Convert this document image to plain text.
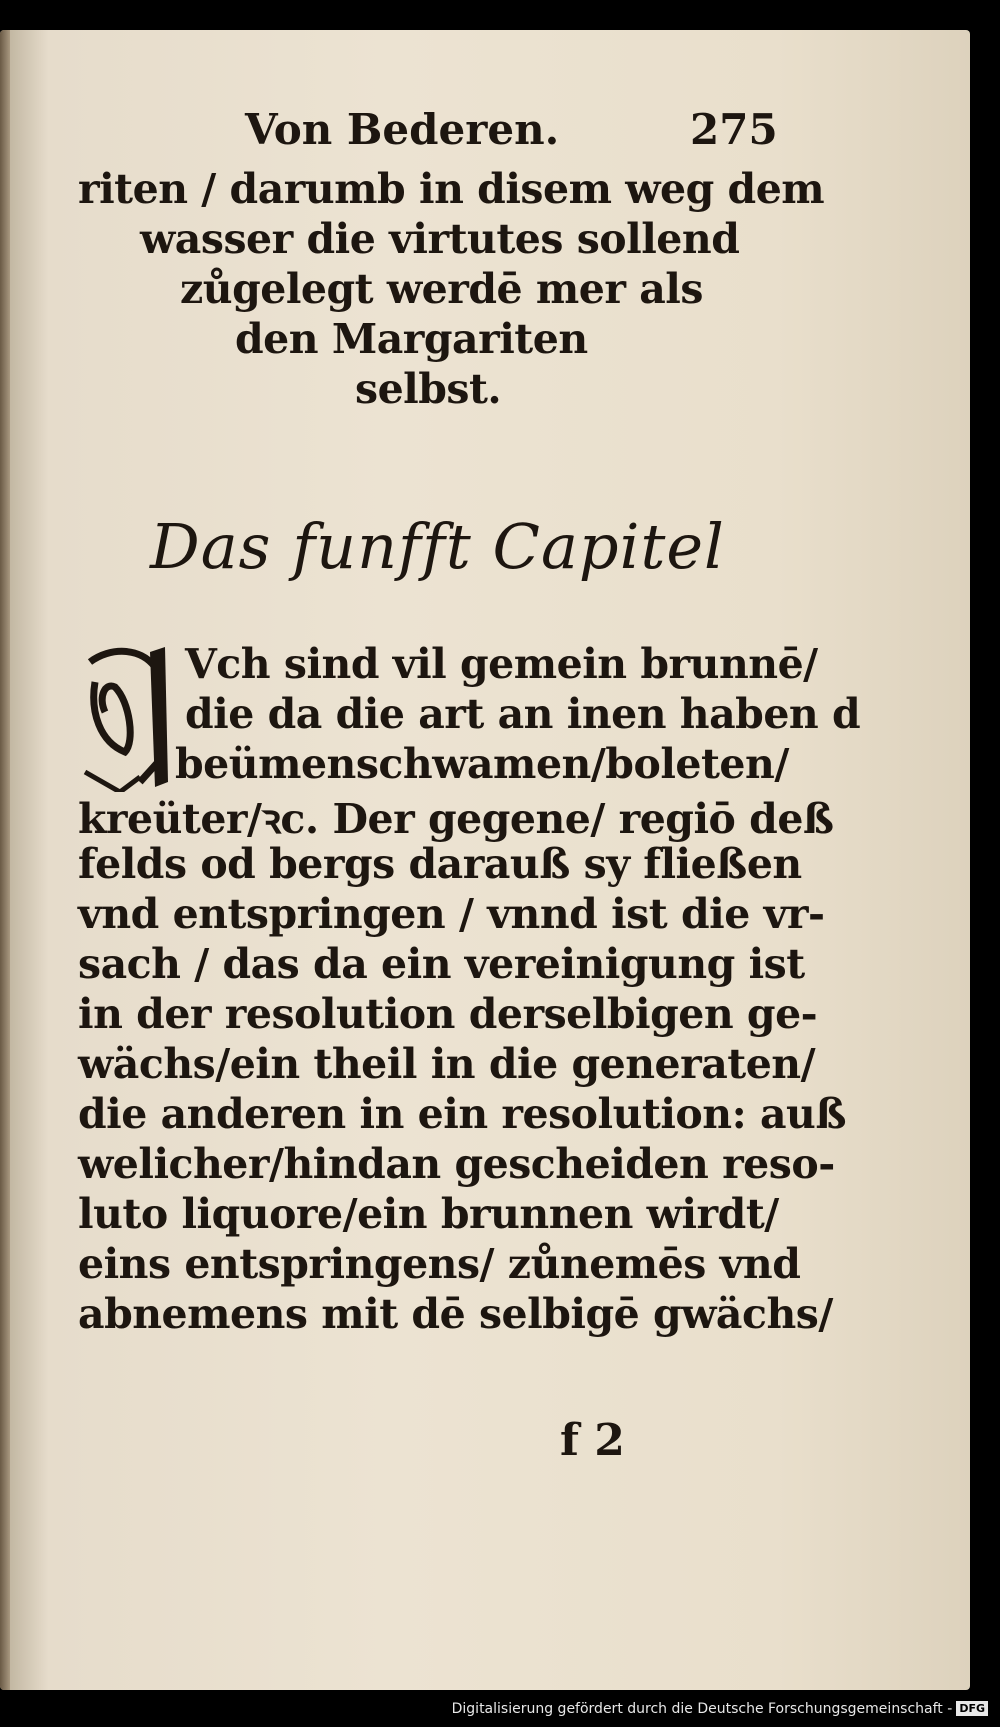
Von Bederen.	275
riten / darumb in disem weg dem
wasser die virtutes sollend
zůgelegt werdē mer als
den Margariten
selbst.
Das funfft Capitel
Vch sind vil gemein brunnē/
die da die art an inen haben d
beümenschwamen/boleten/
kreüter/ꝛc. Der gegene/ regiō deß
felds od bergs darauß sy fließen
vnd entspringen / vnnd ist die vr-
sach / das da ein vereinigung ist
in der resolution derselbigen ge-
wächs/ein theil in die generaten/
die anderen in ein resolution: auß
welicher/hindan gescheiden reso-
luto liquore/ein brunnen wirdt/
eins entspringens/ zůnemēs vnd
abnemens mit dē selbigē gwächs/
f 2
Digitalisierung gefördert durch die Deutsche Forschungsgemeinschaft - DFG
